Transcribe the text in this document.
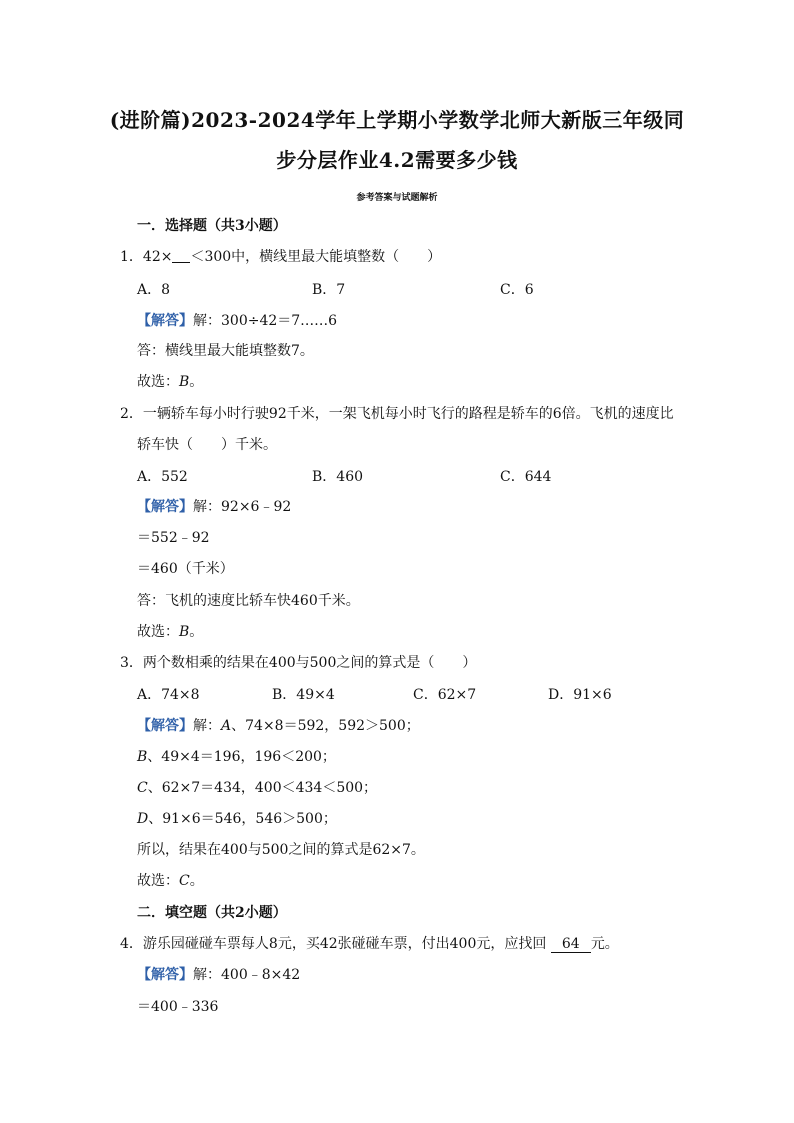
(进阶篇)2023-2024学年上学期小学数学北师大新版三年级同
步分层作业4.2需要多少钱
参考答案与试题解析
一．选择题（共3小题）
1．42× ＜300中，横线里最大能填整数（　　）
A．8	B．7	C．6
【解答】解：300÷42＝7……6
答：横线里最大能填整数7。
故选：B。
2．一辆轿车每小时行驶92千米，一架飞机每小时飞行的路程是轿车的6倍。飞机的速度比
轿车快（　　）千米。
A．552	B．460	C．644
【解答】解：92×6﹣92
＝552﹣92
＝460（千米）
答：飞机的速度比轿车快460千米。
故选：B。
3．两个数相乘的结果在400与500之间的算式是（　　）
A．74×8	B．49×4	C．62×7	D．91×6
【解答】解：A、74×8＝592，592＞500；
B、49×4＝196，196＜200；
C、62×7＝434，400＜434＜500；
D、91×6＝546，546＞500；
所以，结果在400与500之间的算式是62×7。
故选：C。
二．填空题（共2小题）
4．游乐园碰碰车票每人8元，买42张碰碰车票，付出400元，应找回 64 元。
【解答】解：400﹣8×42
＝400﹣336
